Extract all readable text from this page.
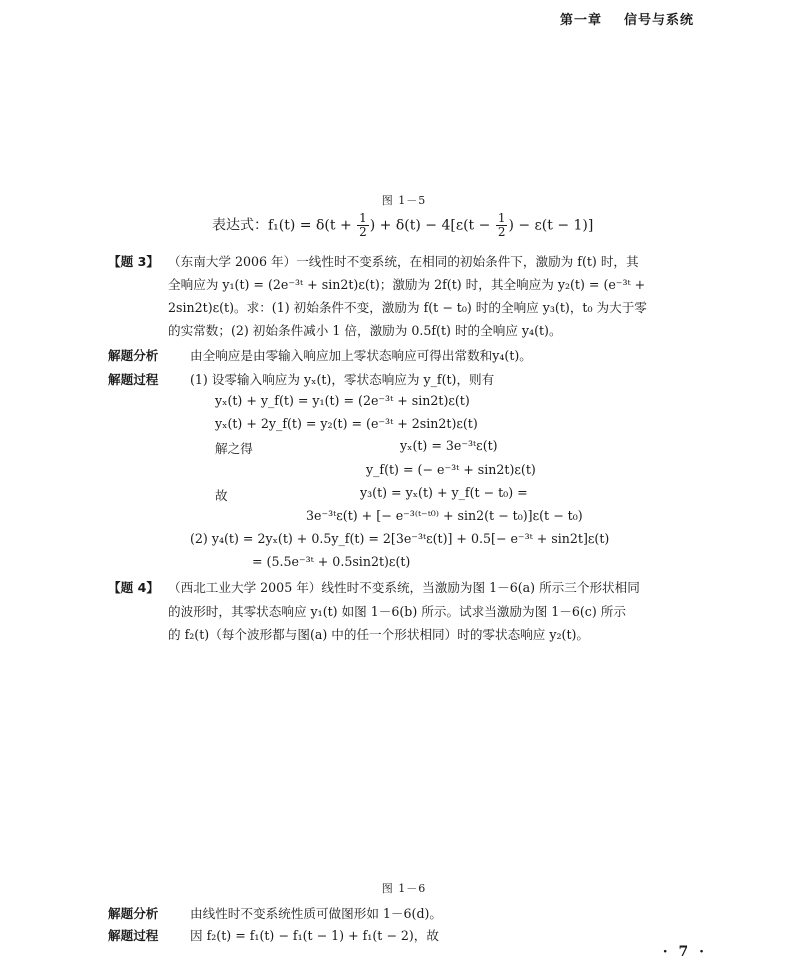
第一章 信号与系统
图 1－5
表达式：$f_1(t) = \delta(t + \frac{1}{2}$ ) + $\delta(t) - 4[\varepsilon(t - \frac{1}{2}$ ) − ε(t − 1)]
【题 3】 （东南大学 2006 年）一线性时不变系统，在相同的初始条件下，激励为 f(t) 时，其
全响应为 y₁(t) = (2e⁻³ᵗ + sin2t)ε(t)；激励为 2f(t) 时，其全响应为 y₂(t) = (e⁻³ᵗ +
2sin2t)ε(t)。求：(1) 初始条件不变，激励为 f(t − t₀) 时的全响应 y₃(t)，t₀ 为大于零
的实常数；(2) 初始条件减小 1 倍，激励为 0.5f(t) 时的全响应 y₄(t)。
解题分析	由全响应是由零输入响应加上零状态响应可得出常数和y₄(t)。
解题过程	(1) 设零输入响应为 yₓ(t)，零状态响应为 y_f(t)，则有
yₓ(t) + y_f(t) = y₁(t) = (2e⁻³ᵗ + sin2t)ε(t)
yₓ(t) + 2y_f(t) = y₂(t) = (e⁻³ᵗ + 2sin2t)ε(t)
解之得	yₓ(t) = 3e⁻³ᵗε(t)
y_f(t) = (− e⁻³ᵗ + sin2t)ε(t)
故	y₃(t) = yₓ(t) + y_f(t − t₀) =
3e⁻³ᵗε(t) + [− e⁻³⁽ᵗ⁻ᵗ⁰⁾ + sin2(t − t₀)]ε(t − t₀)
(2) y₄(t) = 2yₓ(t) + 0.5y_f(t) = 2[3e⁻³ᵗε(t)] + 0.5[− e⁻³ᵗ + sin2t]ε(t)
= (5.5e⁻³ᵗ + 0.5sin2t)ε(t)
【题 4】 （西北工业大学 2005 年）线性时不变系统，当激励为图 1－6(a) 所示三个形状相同
的波形时，其零状态响应 y₁(t) 如图 1－6(b) 所示。试求当激励为图 1－6(c) 所示
的 f₂(t)（每个波形都与图(a) 中的任一个形状相同）时的零状态响应 y₂(t)。
图 1－6
解题分析	由线性时不变系统性质可做图形如 1－6(d)。
解题过程	因 f₂(t) = f₁(t) − f₁(t − 1) + f₁(t − 2)，故
· 7 ·
